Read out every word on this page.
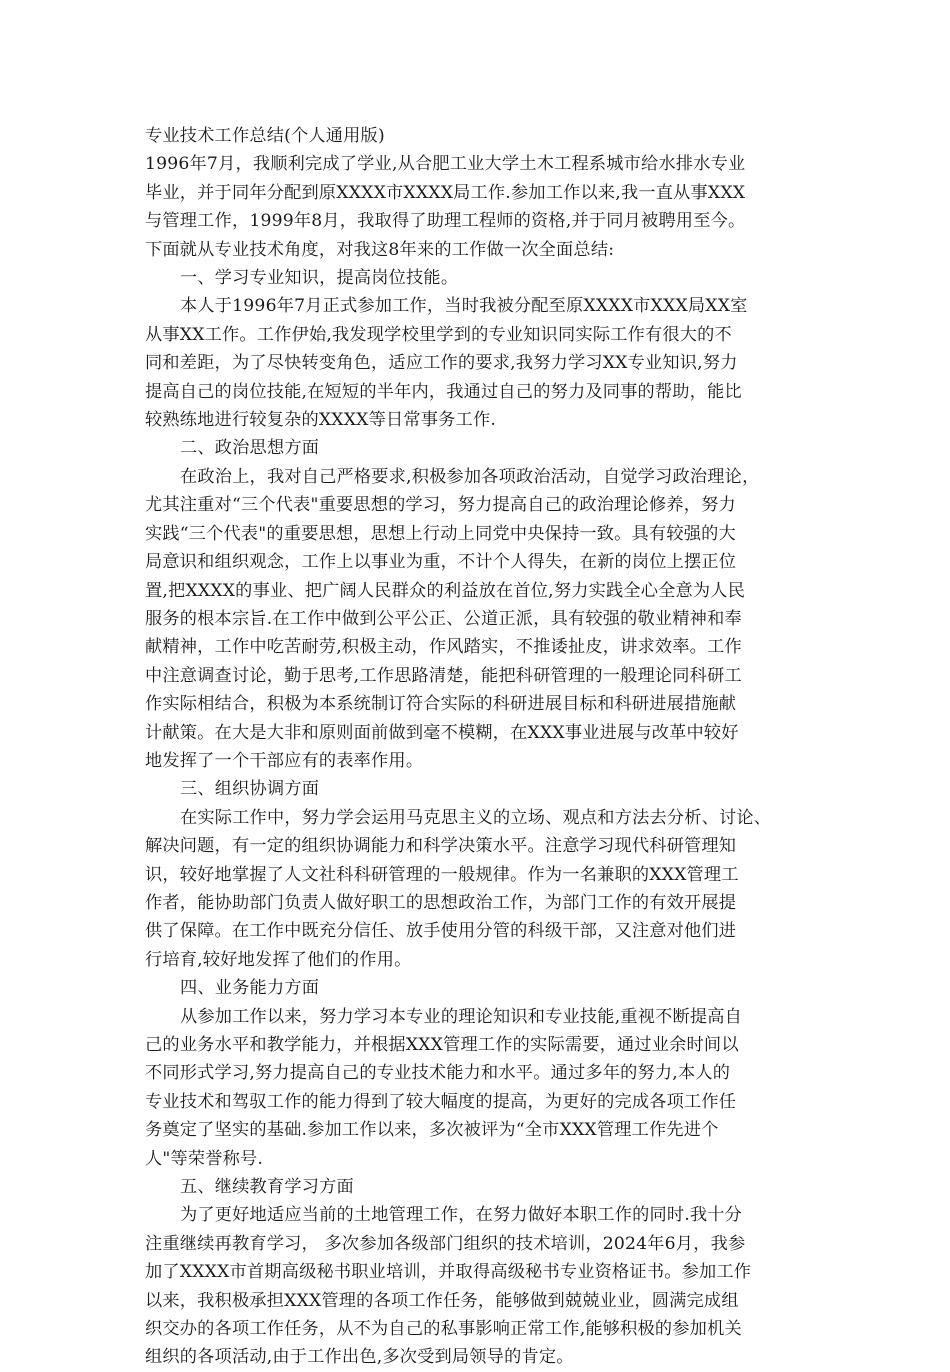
专业技术工作总结(个人通用版)
1996年7月，我顺利完成了学业,从合肥工业大学土木工程系城市给水排水专业
毕业，并于同年分配到原XXXX市XXXX局工作.参加工作以来,我一直从事XXX
与管理工作，1999年8月，我取得了助理工程师的资格,并于同月被聘用至今。
下面就从专业技术角度，对我这8年来的工作做一次全面总结:
一、学习专业知识，提高岗位技能。
本人于1996年7月正式参加工作，当时我被分配至原XXXX市XXX局XX室
从事XX工作。工作伊始,我发现学校里学到的专业知识同实际工作有很大的不
同和差距，为了尽快转变角色，适应工作的要求,我努力学习XX专业知识,努力
提高自己的岗位技能,在短短的半年内，我通过自己的努力及同事的帮助，能比
较熟练地进行较复杂的XXXX等日常事务工作.
二、政治思想方面
在政治上，我对自己严格要求,积极参加各项政治活动，自觉学习政治理论，
尤其注重对“三个代表"重要思想的学习，努力提高自己的政治理论修养，努力
实践“三个代表"的重要思想，思想上行动上同党中央保持一致。具有较强的大
局意识和组织观念，工作上以事业为重，不计个人得失，在新的岗位上摆正位
置,把XXXX的事业、把广阔人民群众的利益放在首位,努力实践全心全意为人民
服务的根本宗旨.在工作中做到公平公正、公道正派，具有较强的敬业精神和奉
献精神，工作中吃苦耐劳,积极主动，作风踏实，不推诿扯皮，讲求效率。工作
中注意调查讨论，勤于思考,工作思路清楚，能把科研管理的一般理论同科研工
作实际相结合，积极为本系统制订符合实际的科研进展目标和科研进展措施献
计献策。在大是大非和原则面前做到毫不模糊，在XXX事业进展与改革中较好
地发挥了一个干部应有的表率作用。
三、组织协调方面
在实际工作中，努力学会运用马克思主义的立场、观点和方法去分析、讨论、
解决问题，有一定的组织协调能力和科学决策水平。注意学习现代科研管理知
识，较好地掌握了人文社科科研管理的一般规律。作为一名兼职的XXX管理工
作者，能协助部门负责人做好职工的思想政治工作，为部门工作的有效开展提
供了保障。在工作中既充分信任、放手使用分管的科级干部，又注意对他们进
行培育,较好地发挥了他们的作用。
四、业务能力方面
从参加工作以来，努力学习本专业的理论知识和专业技能,重视不断提高自
己的业务水平和教学能力，并根据XXX管理工作的实际需要，通过业余时间以
不同形式学习,努力提高自己的专业技术能力和水平。通过多年的努力,本人的
专业技术和驾驭工作的能力得到了较大幅度的提高，为更好的完成各项工作任
务奠定了坚实的基础.参加工作以来，多次被评为“全市XXX管理工作先进个
人"等荣誉称号.
五、继续教育学习方面
为了更好地适应当前的土地管理工作，在努力做好本职工作的同时.我十分
注重继续再教育学习， 多次参加各级部门组织的技术培训，2024年6月，我参
加了XXXX市首期高级秘书职业培训，并取得高级秘书专业资格证书。参加工作
以来，我积极承担XXX管理的各项工作任务，能够做到兢兢业业，圆满完成组
织交办的各项工作任务，从不为自己的私事影响正常工作,能够积极的参加机关
组织的各项活动,由于工作出色,多次受到局领导的肯定。
